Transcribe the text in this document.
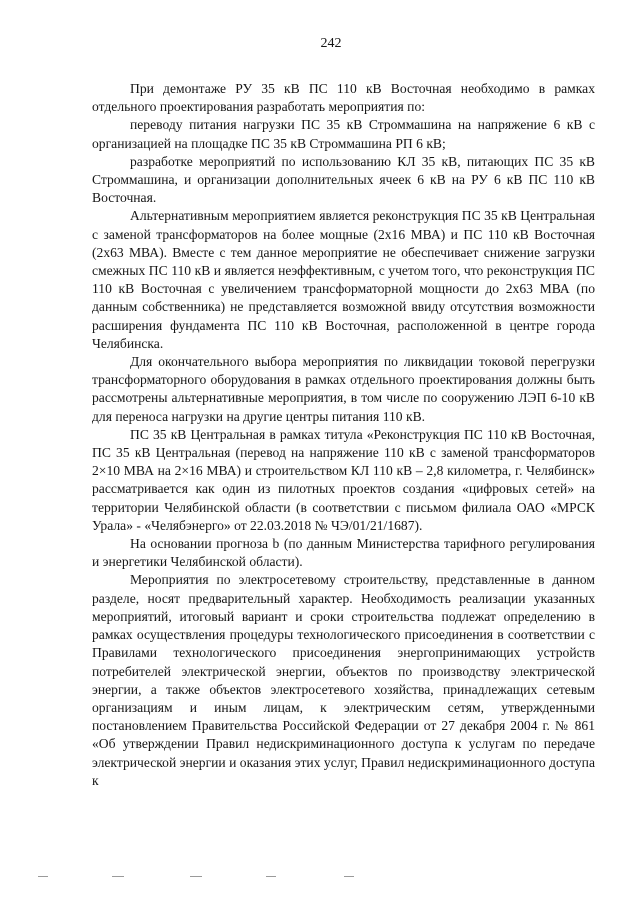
242

При демонтаже РУ 35 кВ ПС 110 кВ Восточная необходимо в рамках отдельного проектирования разработать мероприятия по:

переводу питания нагрузки ПС 35 кВ Строммашина на напряжение 6 кВ с организацией на площадке ПС 35 кВ Строммашина РП 6 кВ;

разработке мероприятий по использованию КЛ 35 кВ, питающих ПС 35 кВ Строммашина, и организации дополнительных ячеек 6 кВ на РУ 6 кВ ПС 110 кВ Восточная.

Альтернативным мероприятием является реконструкция ПС 35 кВ Центральная с заменой трансформаторов на более мощные (2х16 МВА) и ПС 110 кВ Восточная (2х63 МВА). Вместе с тем данное мероприятие не обеспечивает снижение загрузки смежных ПС 110 кВ и является неэффективным, с учетом того, что реконструкция ПС 110 кВ Восточная с увеличением трансформаторной мощности до 2х63 МВА (по данным собственника) не представляется возможной ввиду отсутствия возможности расширения фундамента ПС 110 кВ Восточная, расположенной в центре города Челябинска.

Для окончательного выбора мероприятия по ликвидации токовой перегрузки трансформаторного оборудования в рамках отдельного проектирования должны быть рассмотрены альтернативные мероприятия, в том числе по сооружению ЛЭП 6-10 кВ для переноса нагрузки на другие центры питания 110 кВ.

ПС 35 кВ Центральная в рамках титула «Реконструкция ПС 110 кВ Восточная, ПС 35 кВ Центральная (перевод на напряжение 110 кВ с заменой трансформаторов 2×10 МВА на 2×16 МВА) и строительством КЛ 110 кВ – 2,8 километра, г. Челябинск» рассматривается как один из пилотных проектов создания «цифровых сетей» на территории Челябинской области (в соответствии с письмом филиала ОАО «МРСК Урала» - «Челябэнерго» от 22.03.2018 № ЧЭ/01/21/1687).

На основании прогноза b (по данным Министерства тарифного регулирования и энергетики Челябинской области).

Мероприятия по электросетевому строительству, представленные в данном разделе, носят предварительный характер. Необходимость реализации указанных мероприятий, итоговый вариант и сроки строительства подлежат определению в рамках осуществления процедуры технологического присоединения в соответствии с Правилами технологического присоединения энергопринимающих устройств потребителей электрической энергии, объектов по производству электрической энергии, а также объектов электросетевого хозяйства, принадлежащих сетевым организациям и иным лицам, к электрическим сетям, утвержденными постановлением Правительства Российской Федерации от 27 декабря 2004 г. № 861 «Об утверждении Правил недискриминационного доступа к услугам по передаче электрической энергии и оказания этих услуг, Правил недискриминационного доступа к
